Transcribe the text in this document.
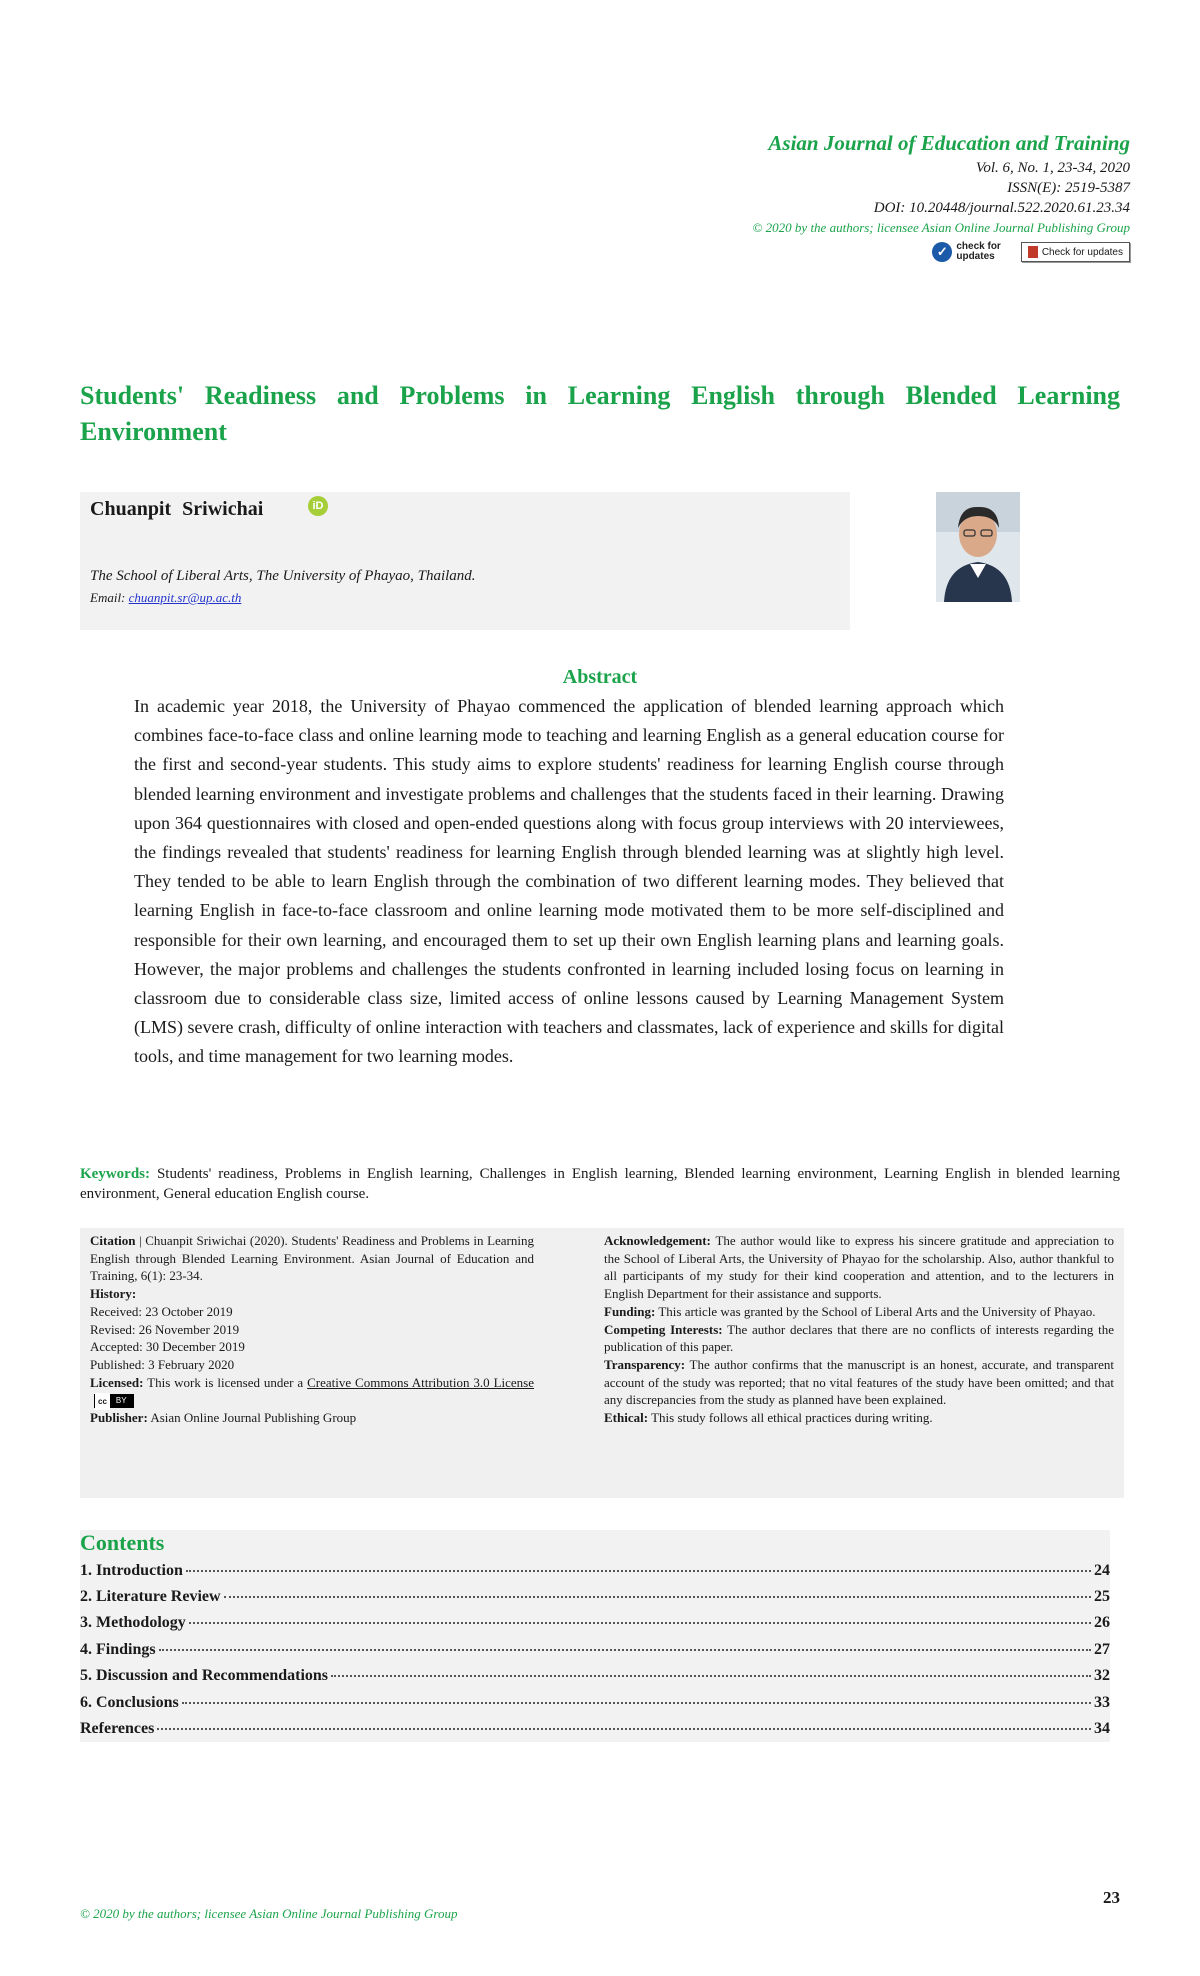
Asian Journal of Education and Training
Vol. 6, No. 1, 23-34, 2020
ISSN(E): 2519-5387
DOI: 10.20448/journal.522.2020.61.23.34
© 2020 by the authors; licensee Asian Online Journal Publishing Group
✓ check for
updates	Check for updates
Students' Readiness and Problems in Learning English through Blended Learning Environment
Chuanpit Sriwichai	iD
The School of Liberal Arts, The University of Phayao, Thailand.
Email: chuanpit.sr@up.ac.th
Abstract
In academic year 2018, the University of Phayao commenced the application of blended learning approach which combines face-to-face class and online learning mode to teaching and learning English as a general education course for the first and second-year students. This study aims to explore students' readiness for learning English course through blended learning environment and investigate problems and challenges that the students faced in their learning. Drawing upon 364 questionnaires with closed and open-ended questions along with focus group interviews with 20 interviewees, the findings revealed that students' readiness for learning English through blended learning was at slightly high level. They tended to be able to learn English through the combination of two different learning modes. They believed that learning English in face-to-face classroom and online learning mode motivated them to be more self-disciplined and responsible for their own learning, and encouraged them to set up their own English learning plans and learning goals. However, the major problems and challenges the students confronted in learning included losing focus on learning in classroom due to considerable class size, limited access of online lessons caused by Learning Management System (LMS) severe crash, difficulty of online interaction with teachers and classmates, lack of experience and skills for digital tools, and time management for two learning modes.
Keywords: Students' readiness, Problems in English learning, Challenges in English learning, Blended learning environment, Learning English in blended learning environment, General education English course.
Citation | Chuanpit Sriwichai (2020). Students' Readiness and Problems in Learning English through Blended Learning Environment. Asian Journal of Education and Training, 6(1): 23-34.
History:
Received: 23 October 2019
Revised: 26 November 2019
Accepted: 30 December 2019
Published: 3 February 2020
Licensed: This work is licensed under a Creative Commons Attribution 3.0 License
cc	BY
Publisher: Asian Online Journal Publishing Group
Acknowledgement: The author would like to express his sincere gratitude and appreciation to the School of Liberal Arts, the University of Phayao for the scholarship. Also, author thankful to all participants of my study for their kind cooperation and attention, and to the lecturers in English Department for their assistance and supports.
Funding: This article was granted by the School of Liberal Arts and the University of Phayao.
Competing Interests: The author declares that there are no conflicts of interests regarding the publication of this paper.
Transparency: The author confirms that the manuscript is an honest, accurate, and transparent account of the study was reported; that no vital features of the study have been omitted; and that any discrepancies from the study as planned have been explained.
Ethical: This study follows all ethical practices during writing.
Contents
1. Introduction	24
2. Literature Review	25
3. Methodology	26
4. Findings	27
5. Discussion and Recommendations	32
6. Conclusions	33
References	34
23
© 2020 by the authors; licensee Asian Online Journal Publishing Group
